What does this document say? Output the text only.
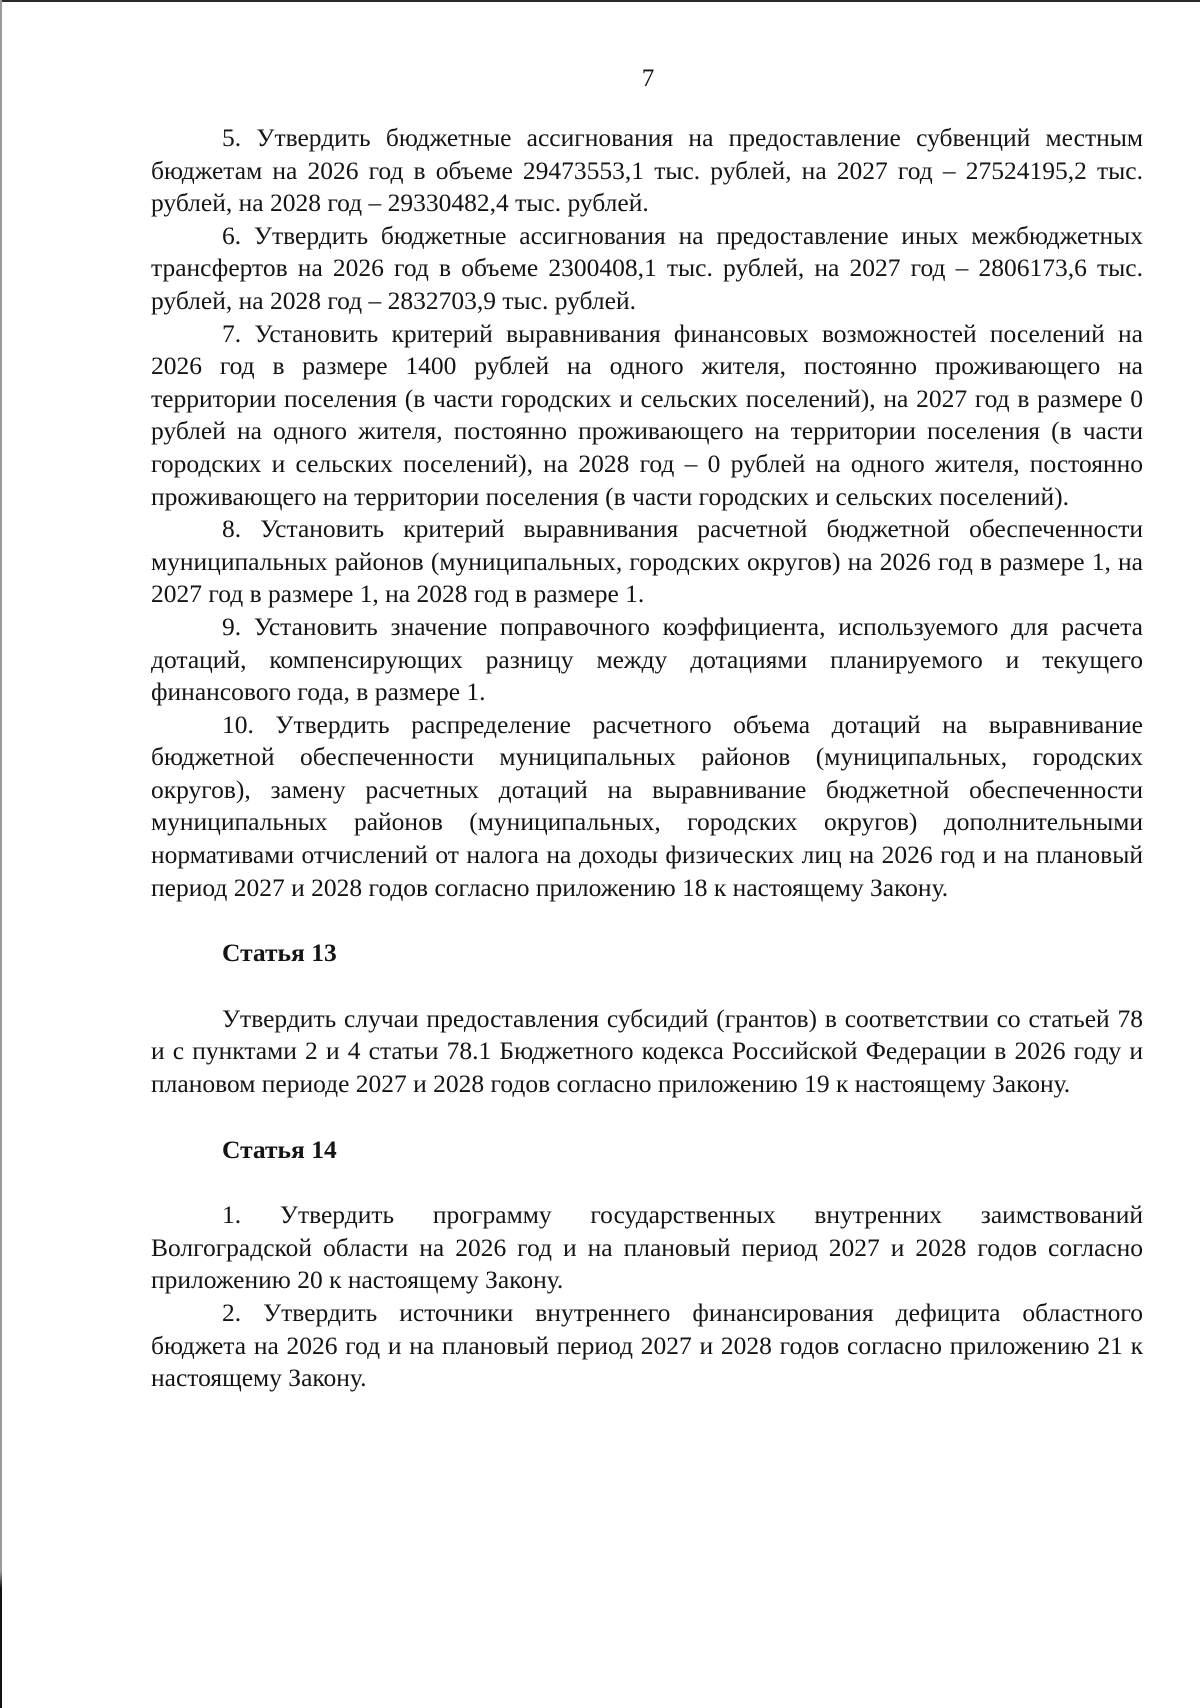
7

5. Утвердить бюджетные ассигнования на предоставление субвенций местным бюджетам на 2026 год в объеме 29473553,1 тыс. рублей, на 2027 год – 27524195,2 тыс. рублей, на 2028 год – 29330482,4 тыс. рублей.

6. Утвердить бюджетные ассигнования на предоставление иных межбюджетных трансфертов на 2026 год в объеме 2300408,1 тыс. рублей, на 2027 год – 2806173,6 тыс. рублей, на 2028 год – 2832703,9 тыс. рублей.

7. Установить критерий выравнивания финансовых возможностей поселений на 2026 год в размере 1400 рублей на одного жителя, постоянно проживающего на территории поселения (в части городских и сельских поселений), на 2027 год в размере 0 рублей на одного жителя, постоянно проживающего на территории поселения (в части городских и сельских поселений), на 2028 год – 0 рублей на одного жителя, постоянно проживающего на территории поселения (в части городских и сельских поселений).

8. Установить критерий выравнивания расчетной бюджетной обеспеченности муниципальных районов (муниципальных, городских округов) на 2026 год в размере 1, на 2027 год в размере 1, на 2028 год в размере 1.

9. Установить значение поправочного коэффициента, используемого для расчета дотаций, компенсирующих разницу между дотациями планируемого и текущего финансового года, в размере 1.

10. Утвердить распределение расчетного объема дотаций на выравнивание бюджетной обеспеченности муниципальных районов (муниципальных, городских округов), замену расчетных дотаций на выравнивание бюджетной обеспеченности муниципальных районов (муниципальных, городских округов) дополнительными нормативами отчислений от налога на доходы физических лиц на 2026 год и на плановый период 2027 и 2028 годов согласно приложению 18 к настоящему Закону.

Статья 13

Утвердить случаи предоставления субсидий (грантов) в соответствии со статьей 78 и с пунктами 2 и 4 статьи 78.1 Бюджетного кодекса Российской Федерации в 2026 году и плановом периоде 2027 и 2028 годов согласно приложению 19 к настоящему Закону.

Статья 14

1. Утвердить программу государственных внутренних заимствований Волгоградской области на 2026 год и на плановый период 2027 и 2028 годов согласно приложению 20 к настоящему Закону.

2. Утвердить источники внутреннего финансирования дефицита областного бюджета на 2026 год и на плановый период 2027 и 2028 годов согласно приложению 21 к настоящему Закону.
